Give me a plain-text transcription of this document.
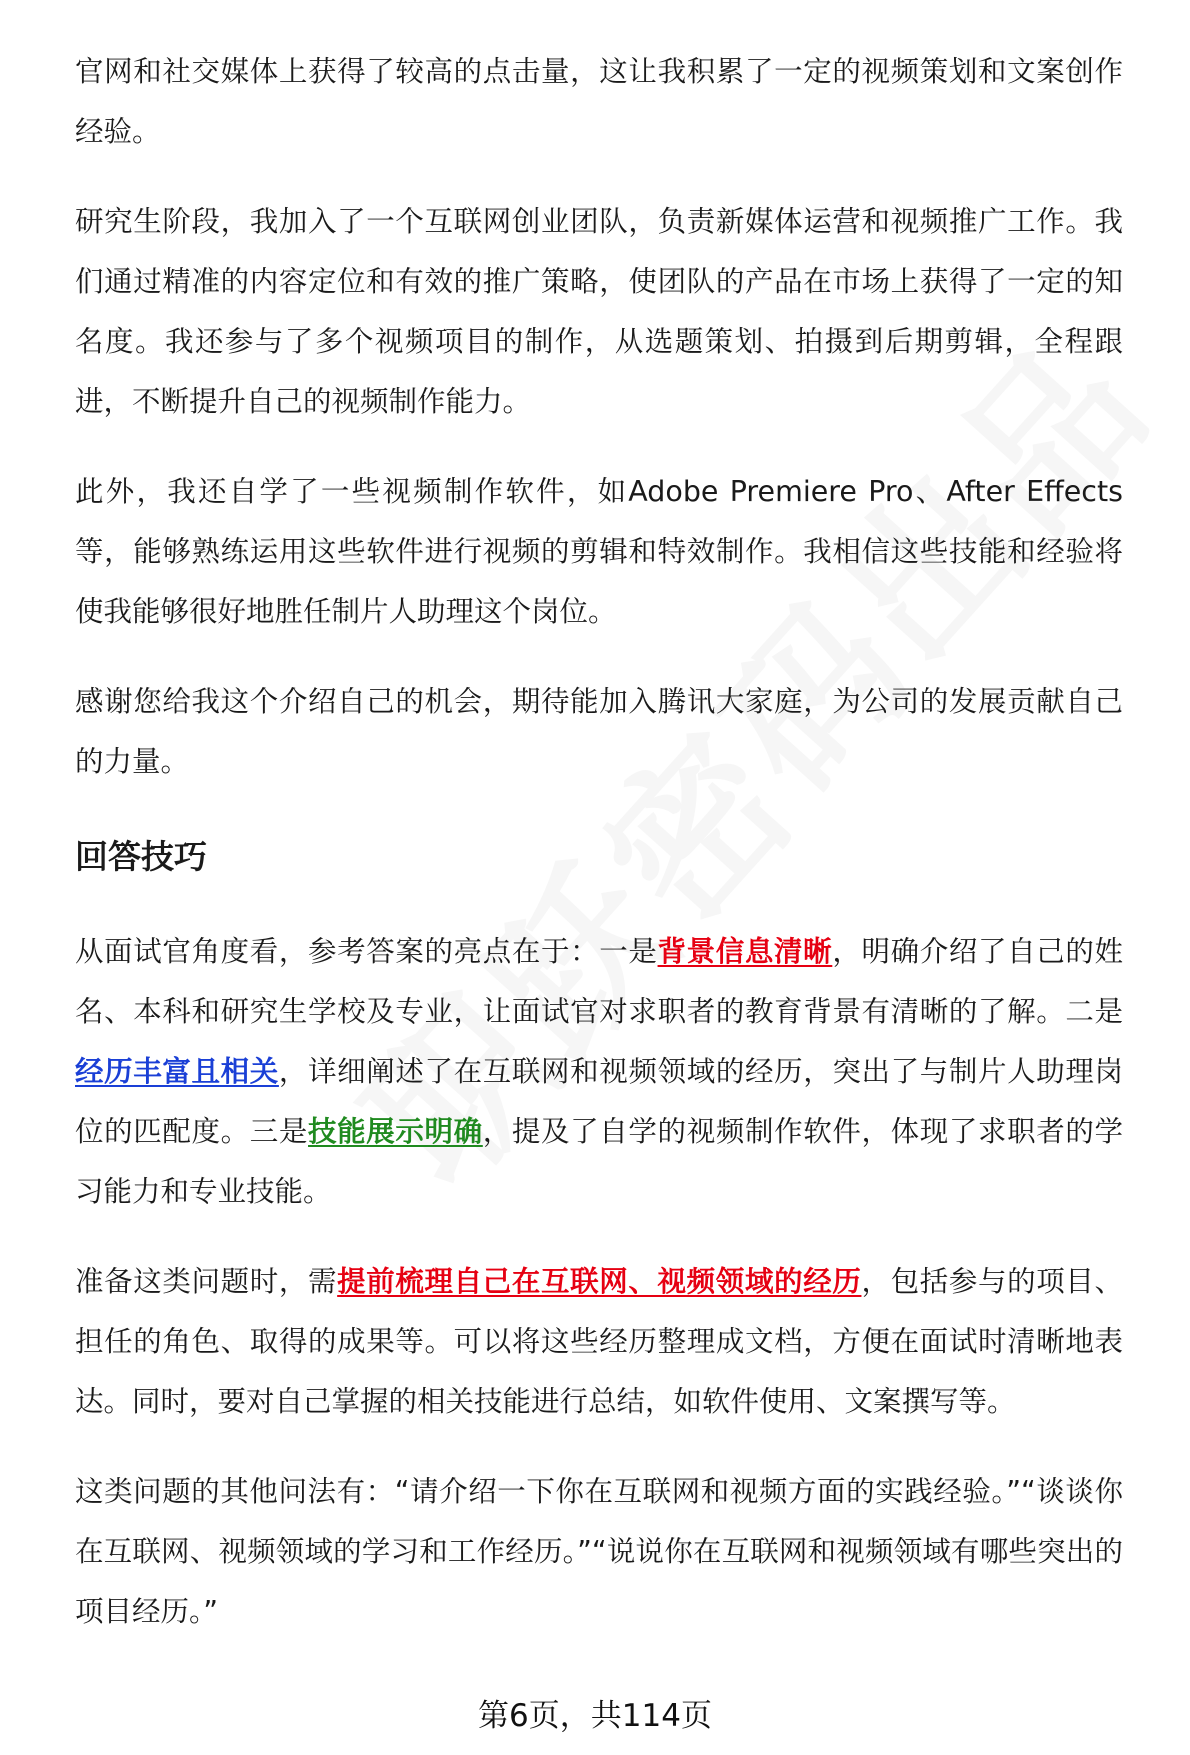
官网和社交媒体上获得了较高的点击量，这让我积累了一定的视频策划和文案创作经验。

研究生阶段，我加入了一个互联网创业团队，负责新媒体运营和视频推广工作。我们通过精准的内容定位和有效的推广策略，使团队的产品在市场上获得了一定的知名度。我还参与了多个视频项目的制作，从选题策划、拍摄到后期剪辑，全程跟进，不断提升自己的视频制作能力。

此外，我还自学了一些视频制作软件，如Adobe Premiere Pro、After Effects等，能够熟练运用这些软件进行视频的剪辑和特效制作。我相信这些技能和经验将使我能够很好地胜任制片人助理这个岗位。

感谢您给我这个介绍自己的机会，期待能加入腾讯大家庭，为公司的发展贡献自己的力量。

回答技巧

从面试官角度看，参考答案的亮点在于：一是背景信息清晰，明确介绍了自己的姓名、本科和研究生学校及专业，让面试官对求职者的教育背景有清晰的了解。二是经历丰富且相关，详细阐述了在互联网和视频领域的经历，突出了与制片人助理岗位的匹配度。三是技能展示明确，提及了自学的视频制作软件，体现了求职者的学习能力和专业技能。

准备这类问题时，需提前梳理自己在互联网、视频领域的经历，包括参与的项目、担任的角色、取得的成果等。可以将这些经历整理成文档，方便在面试时清晰地表达。同时，要对自己掌握的相关技能进行总结，如软件使用、文案撰写等。

这类问题的其他问法有：“请介绍一下你在互联网和视频方面的实践经验。”“谈谈你在互联网、视频领域的学习和工作经历。”“说说你在互联网和视频领域有哪些突出的项目经历。”

第6页，共114页
